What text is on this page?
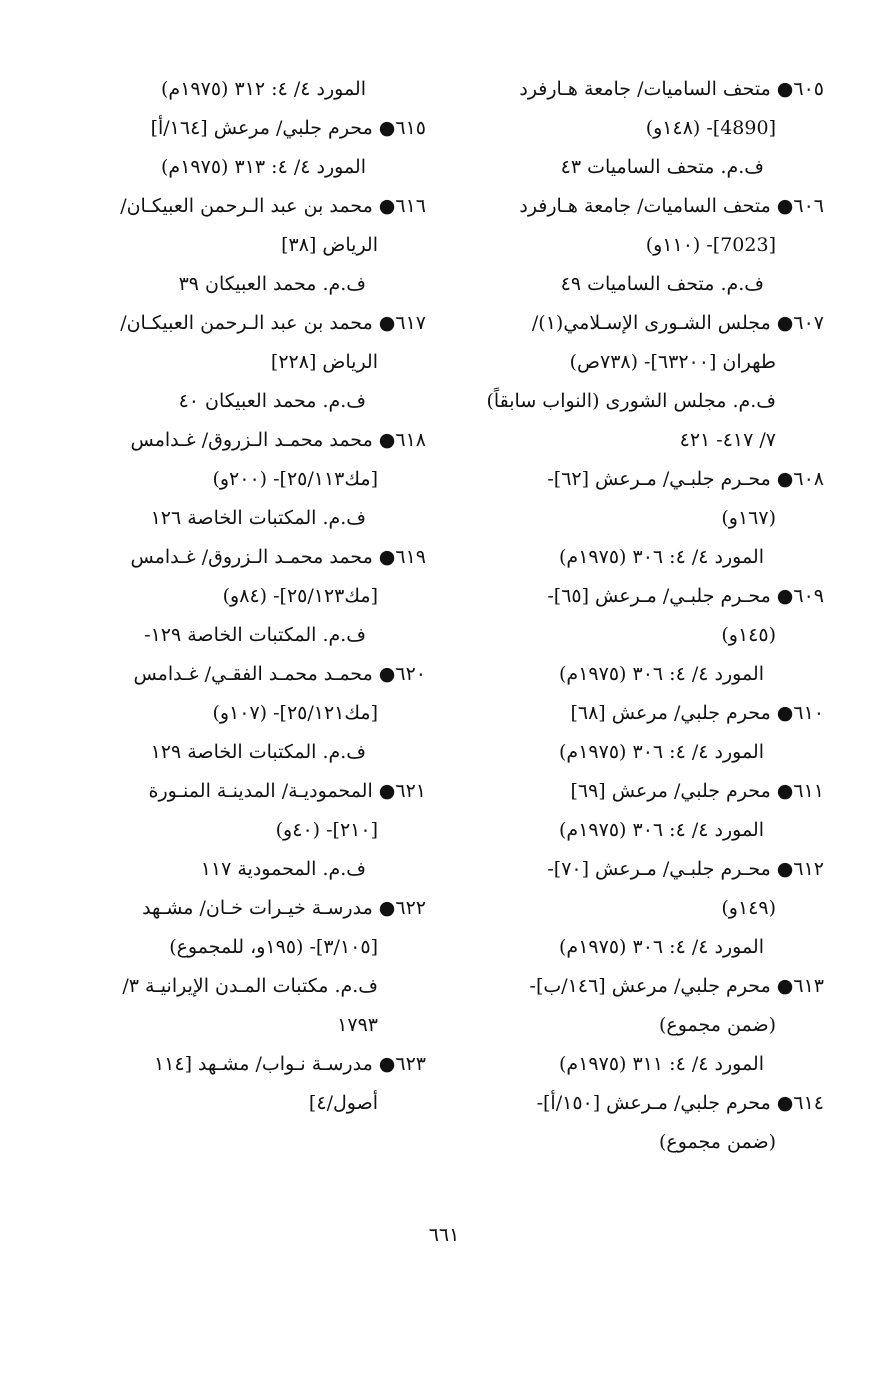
٦٠٥● متحف الساميات/ جامعة هـارفرد
[4890]- (١٤٨و)
ف.م. متحف الساميات ٤٣
٦٠٦● متحف الساميات/ جامعة هـارفرد
[7023]- (١١٠و)
ف.م. متحف الساميات ٤٩
٦٠٧● مجلس الشـورى الإسـلامي(١)/
طهران [٦٣٢٠٠]- (٧٣٨ص)
ف.م. مجلس الشورى (النواب سابقاً)
٧/ ٤١٧- ٤٢١
٦٠٨● محـرم جلبـي/ مـرعش [٦٢]-
(١٦٧و)
المورد ٤/ ٤: ٣٠٦ (١٩٧٥م)
٦٠٩● محـرم جلبـي/ مـرعش [٦٥]-
(١٤٥و)
المورد ٤/ ٤: ٣٠٦ (١٩٧٥م)
٦١٠● محرم جلبي/ مرعش [٦٨]
المورد ٤/ ٤: ٣٠٦ (١٩٧٥م)
٦١١● محرم جلبي/ مرعش [٦٩]
المورد ٤/ ٤: ٣٠٦ (١٩٧٥م)
٦١٢● محـرم جلبـي/ مـرعش [٧٠]-
(١٤٩و)
المورد ٤/ ٤: ٣٠٦ (١٩٧٥م)
٦١٣● محرم جلبي/ مرعش [١٤٦/ب]-
(ضمن مجموع)
المورد ٤/ ٤: ٣١١ (١٩٧٥م)
٦١٤● محرم جلبي/ مـرعش [١٥٠/أ]-
(ضمن مجموع)
المورد ٤/ ٤: ٣١٢ (١٩٧٥م)
٦١٥● محرم جلبي/ مرعش [١٦٤/أ]
المورد ٤/ ٤: ٣١٣ (١٩٧٥م)
٦١٦● محمد بن عبد الـرحمن العبيكـان/
الرياض [٣٨]
ف.م. محمد العبيكان ٣٩
٦١٧● محمد بن عبد الـرحمن العبيكـان/
الرياض [٢٢٨]
ف.م. محمد العبيكان ٤٠
٦١٨● محمد محمـد الـزروق/ غـدامس
[مك٢٥/١١٣]- (٢٠٠و)
ف.م. المكتبات الخاصة ١٢٦
٦١٩● محمد محمـد الـزروق/ غـدامس
[مك٢٥/١٢٣]- (٨٤و)
ف.م. المكتبات الخاصة ١٢٩-
٦٢٠● محمـد محمـد الفقـي/ غـدامس
[مك٢٥/١٢١]- (١٠٧و)
ف.م. المكتبات الخاصة ١٢٩
٦٢١● المحموديـة/ المدينـة المنـورة
[٢١٠]- (٤٠و)
ف.م. المحمودية ١١٧
٦٢٢● مدرسـة خيـرات خـان/ مشـهد
[٣/١٠٥]- (١٩٥و، للمجموع)
ف.م. مكتبات المـدن الإيرانيـة ٣/
١٧٩٣
٦٢٣● مدرسـة نـواب/ مشـهد [١١٤
أصول/٤]
٦٦١
